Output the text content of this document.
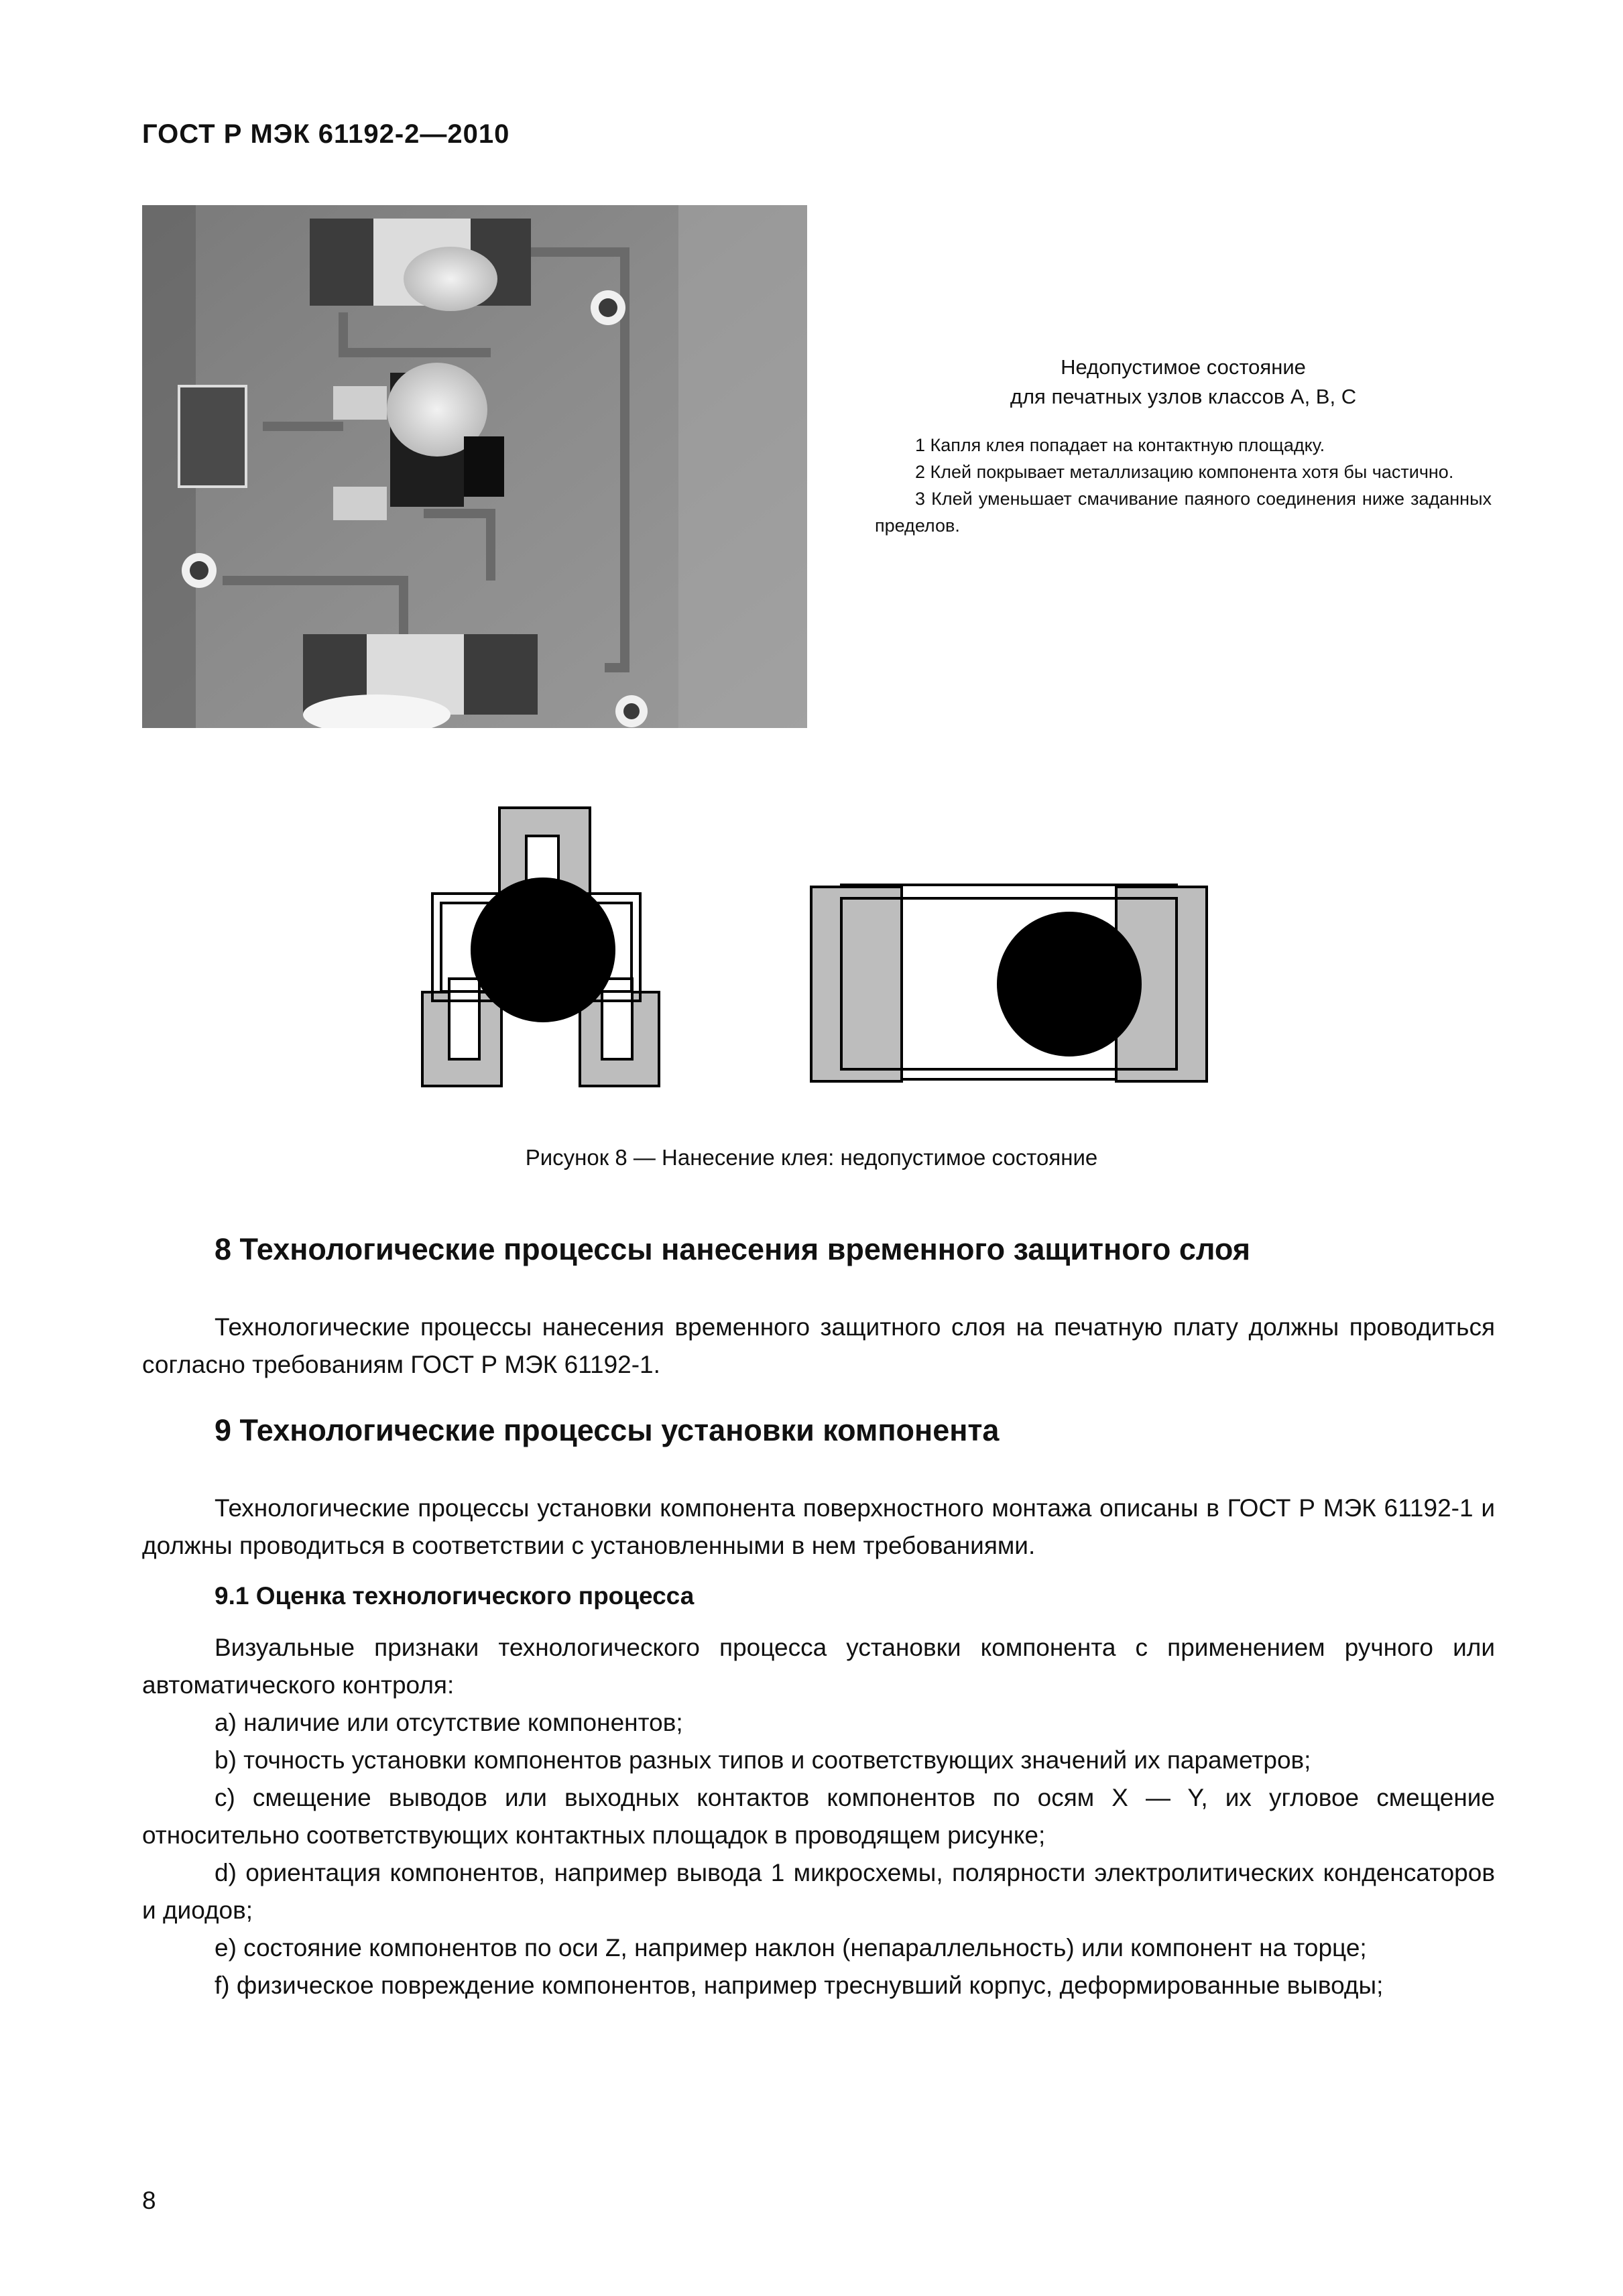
ГОСТ Р МЭК 61192-2—2010
Недопустимое состояние
для печатных узлов классов А, В, С

1 Капля клея попадает на контактную площадку.

2 Клей покрывает металлизацию компонента хотя бы частично.

3 Клей уменьшает смачивание паяного соединения ниже заданных пределов.

Рисунок 8 — Нанесение клея: недопустимое состояние
8 Технологические процессы нанесения временного защитного слоя

Технологические процессы нанесения временного защитного слоя на печатную плату должны проводиться согласно требованиям ГОСТ Р МЭК 61192-1.

9 Технологические процессы установки компонента

Технологические процессы установки компонента поверхностного монтажа описаны в ГОСТ Р МЭК 61192-1 и должны проводиться в соответствии с установленными в нем требованиями.

9.1 Оценка технологического процесса

Визуальные признаки технологического процесса установки компонента с применением ручного или автоматического контроля:

a) наличие или отсутствие компонентов;

b) точность установки компонентов разных типов и соответствующих значений их параметров;

c) смещение выводов или выходных контактов компонентов по осям X — Y, их угловое смещение относительно соответствующих контактных площадок в проводящем рисунке;

d) ориентация компонентов, например вывода 1 микросхемы, полярности электролитических конденсаторов и диодов;

e) состояние компонентов по оси Z, например наклон (непараллельность) или компонент на торце;

f) физическое повреждение компонентов, например треснувший корпус, деформированные выводы;

8
